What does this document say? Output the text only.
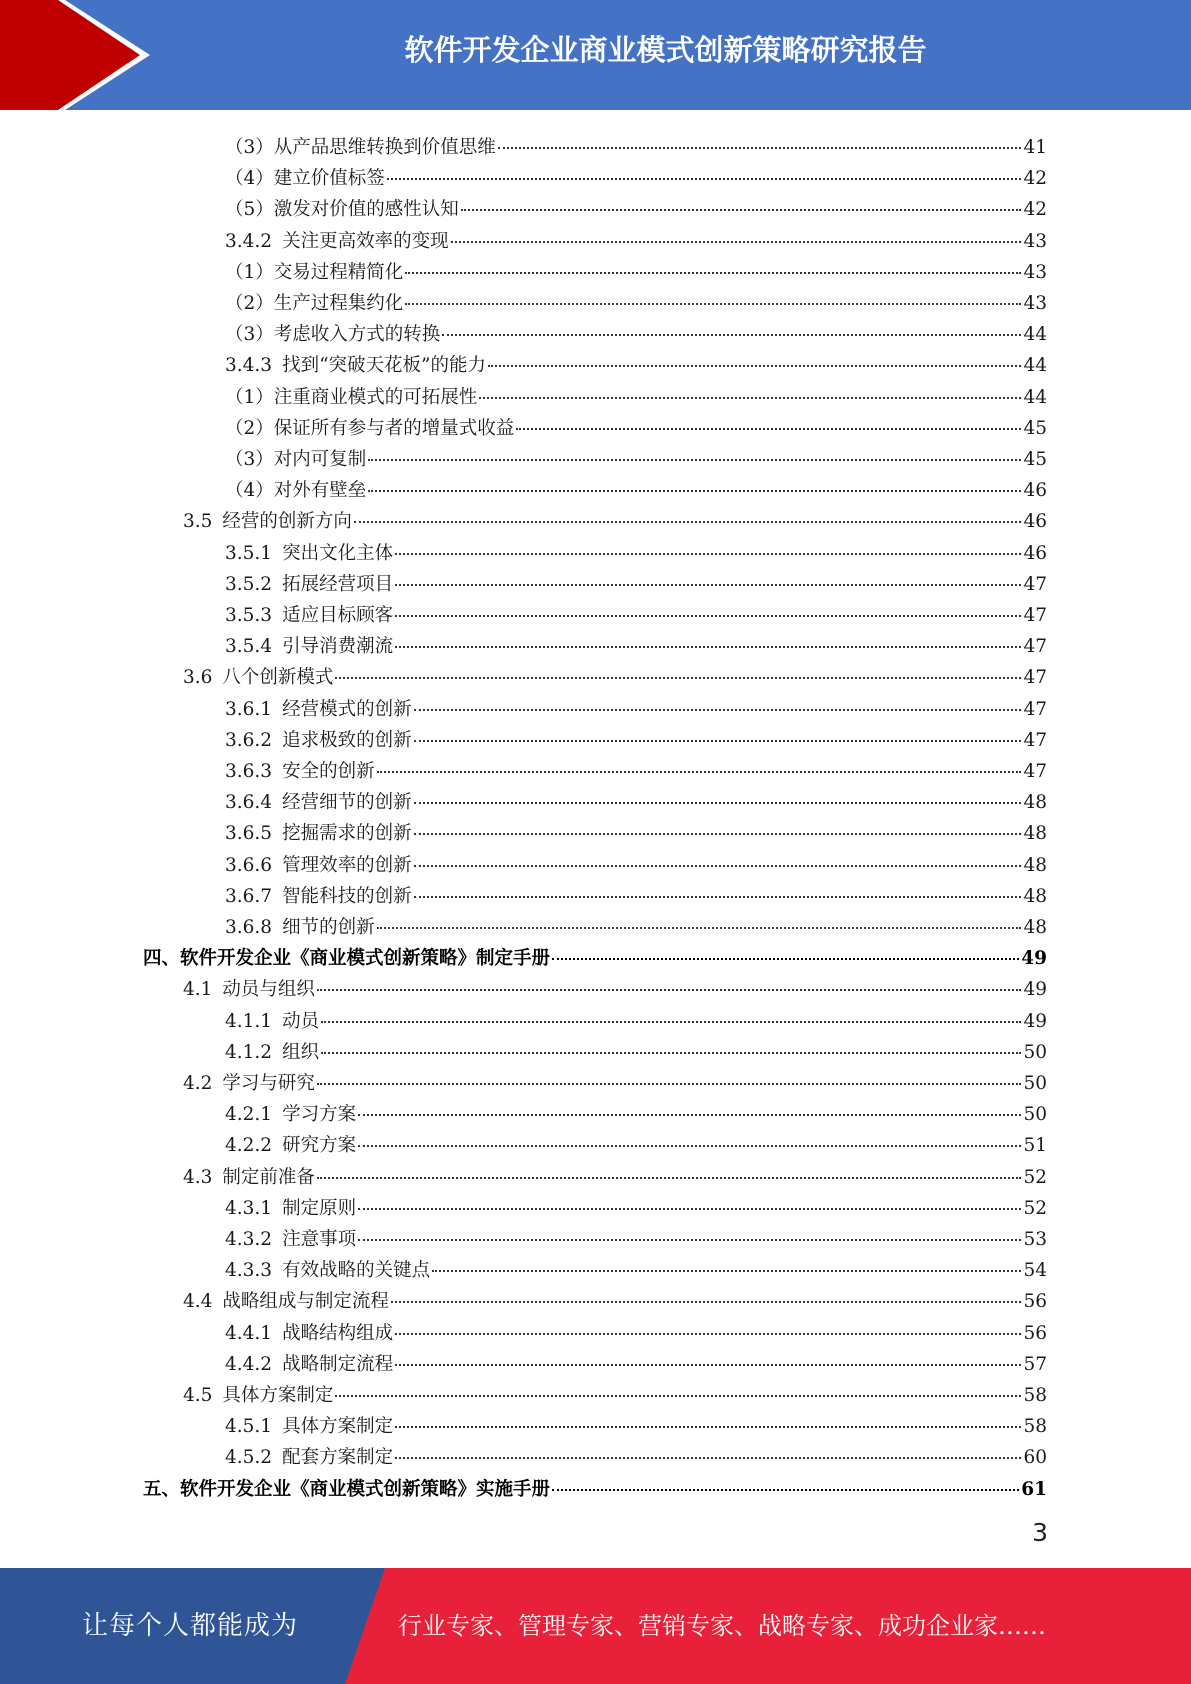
软件开发企业商业模式创新策略研究报告
（3） 从产品思维转换到价值思维	41
（4） 建立价值标签	42
（5） 激发对价值的感性认知	42
3.4.2 关注更高效率的变现	43
（1） 交易过程精简化	43
（2） 生产过程集约化	43
（3） 考虑收入方式的转换	44
3.4.3 找到“突破天花板”的能力	44
（1） 注重商业模式的可拓展性	44
（2） 保证所有参与者的增量式收益	45
（3） 对内可复制	45
（4） 对外有壁垒	46
3.5 经营的创新方向	46
3.5.1 突出文化主体	46
3.5.2 拓展经营项目	47
3.5.3 适应目标顾客	47
3.5.4 引导消费潮流	47
3.6 八个创新模式	47
3.6.1 经营模式的创新	47
3.6.2 追求极致的创新	47
3.6.3 安全的创新	47
3.6.4 经营细节的创新	48
3.6.5 挖掘需求的创新	48
3.6.6 管理效率的创新	48
3.6.7 智能科技的创新	48
3.6.8 细节的创新	48
四、软件开发企业《商业模式创新策略》制定手册	49
4.1 动员与组织	49
4.1.1 动员	49
4.1.2 组织	50
4.2 学习与研究	50
4.2.1 学习方案	50
4.2.2 研究方案	51
4.3 制定前准备	52
4.3.1 制定原则	52
4.3.2 注意事项	53
4.3.3 有效战略的关键点	54
4.4 战略组成与制定流程	56
4.4.1 战略结构组成	56
4.4.2 战略制定流程	57
4.5 具体方案制定	58
4.5.1 具体方案制定	58
4.5.2 配套方案制定	60
五、软件开发企业《商业模式创新策略》实施手册	61
3
让每个人都能成为	行业专家、管理专家、营销专家、战略专家、成功企业家……
